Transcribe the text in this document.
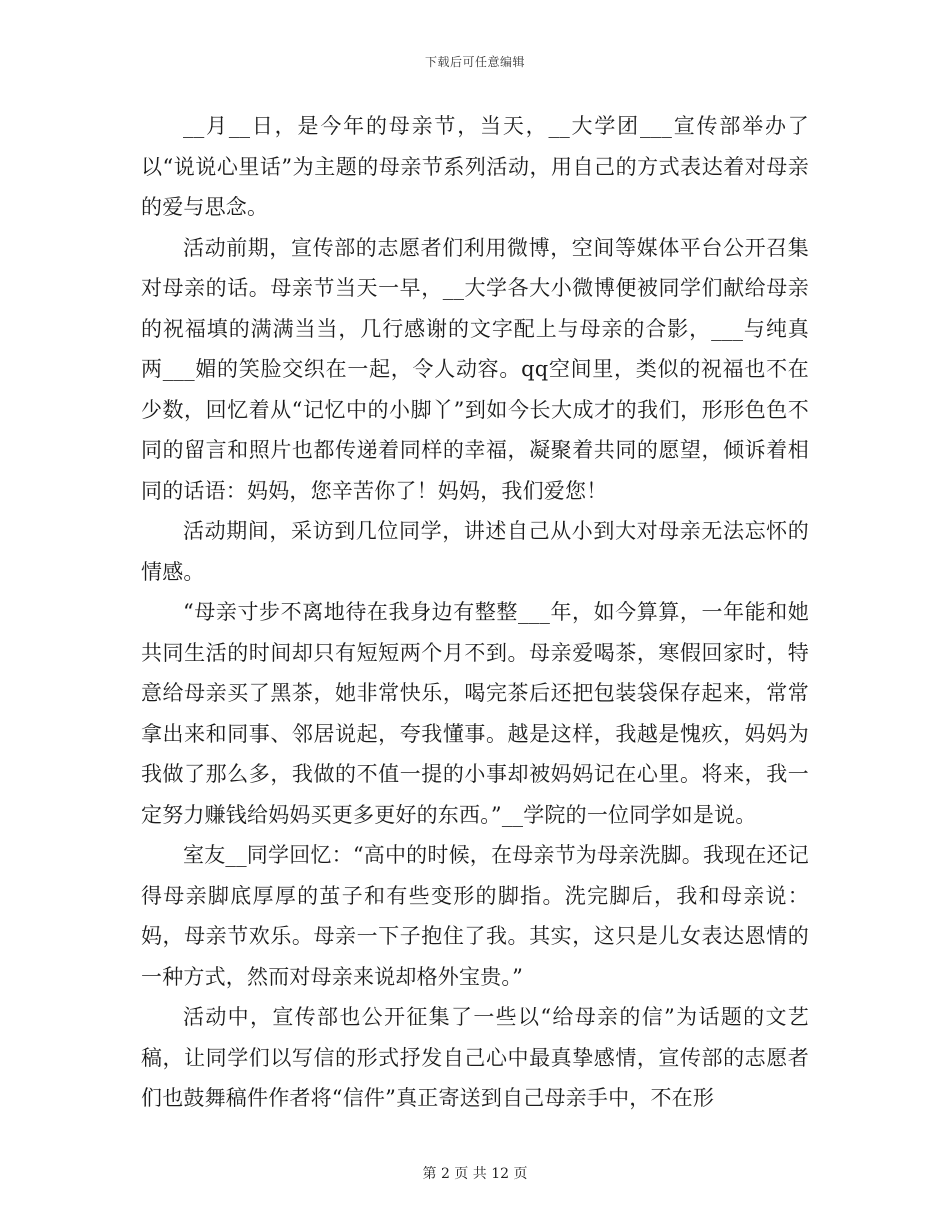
下载后可任意编辑

__月__日，是今年的母亲节，当天，__大学团___宣传部举办了以“说说心里话”为主题的母亲节系列活动，用自己的方式表达着对母亲的爱与思念。

活动前期，宣传部的志愿者们利用微博，空间等媒体平台公开召集对母亲的话。母亲节当天一早，__大学各大小微博便被同学们献给母亲的祝福填的满满当当，几行感谢的文字配上与母亲的合影，___与纯真两___媚的笑脸交织在一起，令人动容。qq空间里，类似的祝福也不在少数，回忆着从“记忆中的小脚丫”到如今长大成才的我们，形形色色不同的留言和照片也都传递着同样的幸福，凝聚着共同的愿望，倾诉着相同的话语：妈妈，您辛苦你了！妈妈，我们爱您！

活动期间，采访到几位同学，讲述自己从小到大对母亲无法忘怀的情感。

“母亲寸步不离地待在我身边有整整___年，如今算算，一年能和她共同生活的时间却只有短短两个月不到。母亲爱喝茶，寒假回家时，特意给母亲买了黑茶，她非常快乐，喝完茶后还把包装袋保存起来，常常拿出来和同事、邻居说起，夸我懂事。越是这样，我越是愧疚，妈妈为我做了那么多，我做的不值一提的小事却被妈妈记在心里。将来，我一定努力赚钱给妈妈买更多更好的东西。”__学院的一位同学如是说。

室友__同学回忆：“高中的时候，在母亲节为母亲洗脚。我现在还记得母亲脚底厚厚的茧子和有些变形的脚指。洗完脚后，我和母亲说：妈，母亲节欢乐。母亲一下子抱住了我。其实，这只是儿女表达恩情的一种方式，然而对母亲来说却格外宝贵。”

活动中，宣传部也公开征集了一些以“给母亲的信”为话题的文艺稿，让同学们以写信的形式抒发自己心中最真挚感情，宣传部的志愿者们也鼓舞稿件作者将“信件”真正寄送到自己母亲手中，不在形

第 2 页 共 12 页
